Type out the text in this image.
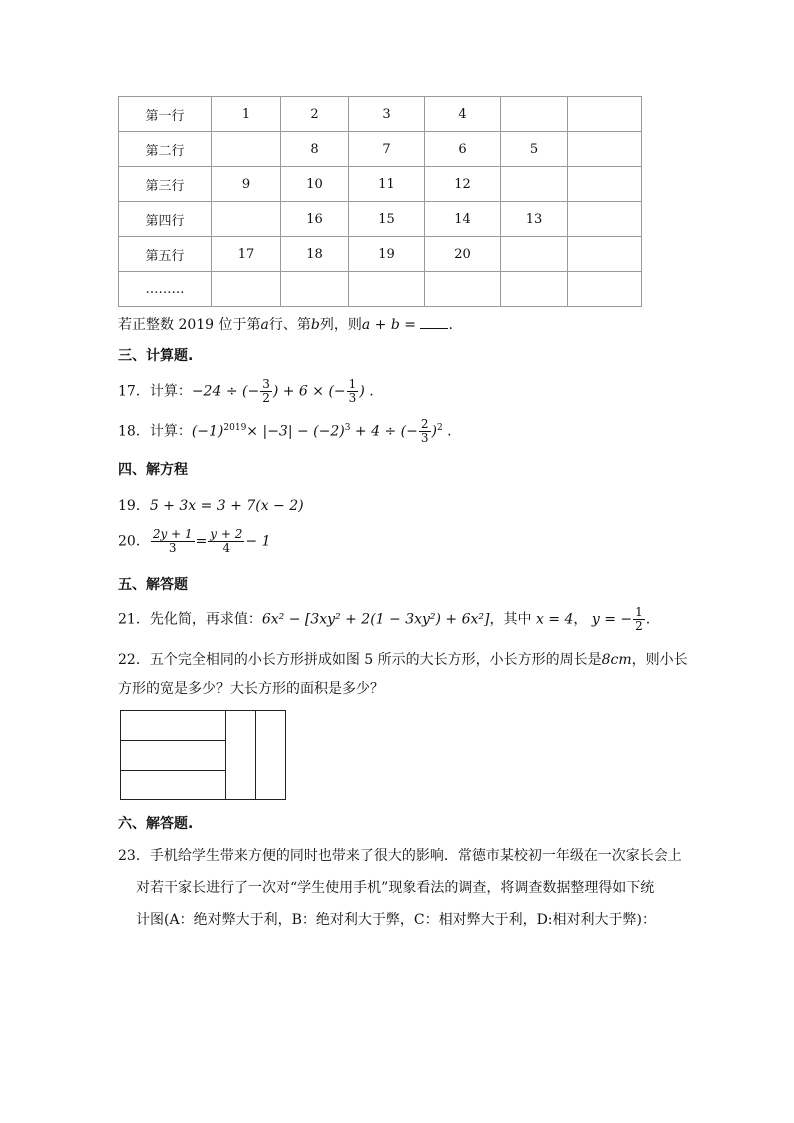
第一行	1	2	3	4		
第二行		8	7	6	5	
第三行	9	10	11	12		
第四行		16	15	14	13	
第五行	17	18	19	20		
………						
若正整数 2019 位于第a行、第b列，则a + b = .
三、计算题.
17．计算：−24 ÷ (− $\frac{3}{2}$ ) + 6 × (− $\frac{1}{3}$ ) .
18．计算：$(-1)^{2019}\times |-3| - (-2)^3 + 4$ ÷ (− $\frac{2}{3} )^2$ .
四、解方程
19．5 + 3x = 3 + 7(x − 2)
20． $\frac{2y + 1}{3} = \frac{y + 2}{4} - 1$
五、解答题
21．先化简，再求值：6x² − [3xy² + 2(1 − 3xy²) + 6x²]，其中 x = 4， y = − $\frac{1}{2}$ .
22．五个完全相同的小长方形拼成如图 5 所示的大长方形，小长方形的周长是8cm，则小长
方形的宽是多少？大长方形的面积是多少？
六、解答题.
23．手机给学生带来方便的同时也带来了很大的影响．常德市某校初一年级在一次家长会上
对若干家长进行了一次对“学生使用手机”现象看法的调查，将调查数据整理得如下统
计图(A：绝对弊大于利，B：绝对利大于弊，C：相对弊大于利，D:相对利大于弊)：
